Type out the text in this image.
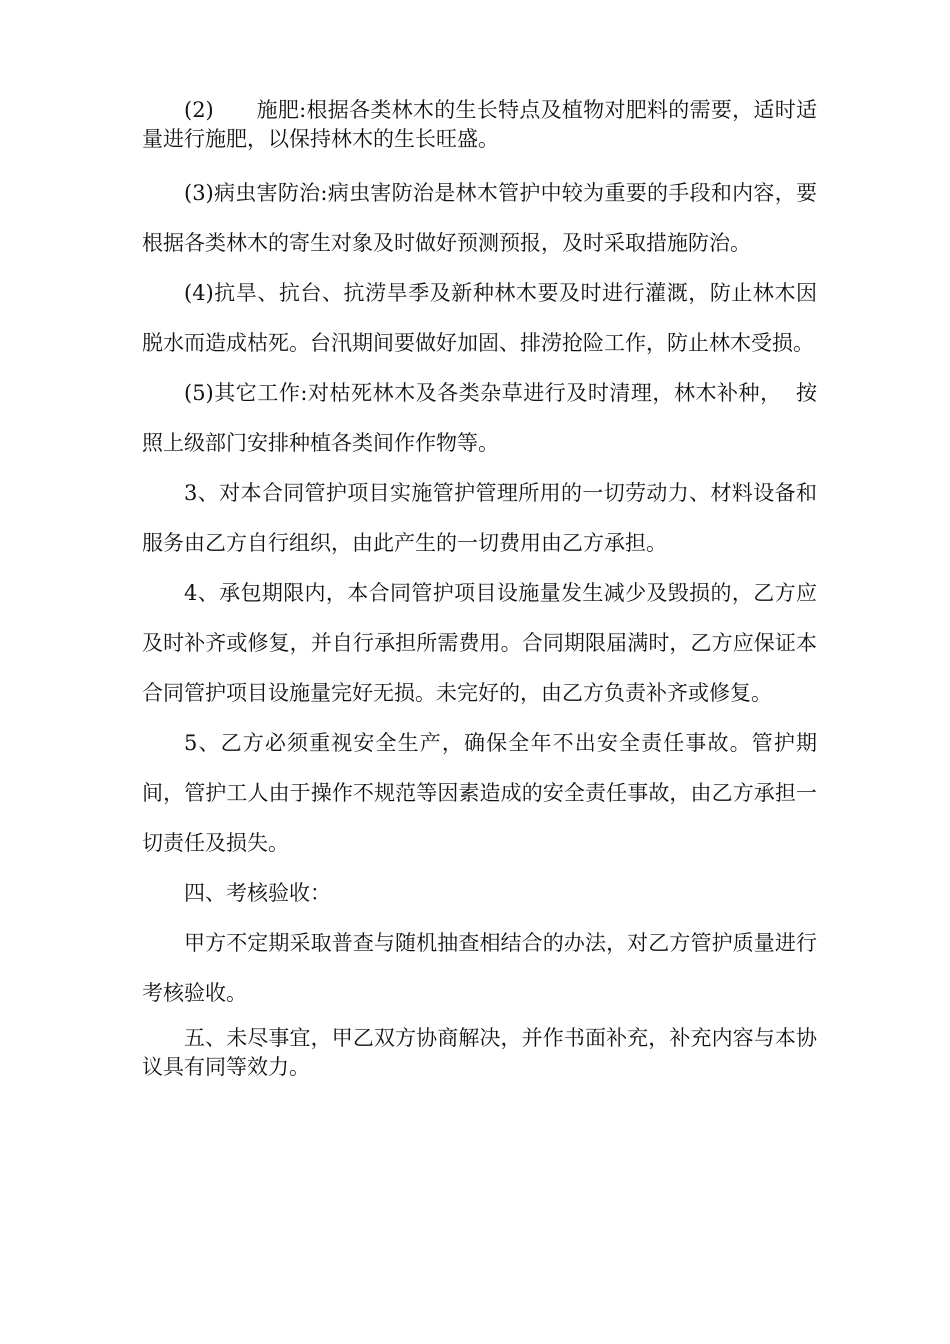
(2)　　施肥:根据各类林木的生长特点及植物对肥料的需要，适时适  量进行施肥，以保持林木的生长旺盛。

(3)病虫害防治:病虫害防治是林木管护中较为重要的手段和内容，要根据各类林木的寄生对象及时做好预测预报，及时采取措施防治。

(4)抗旱、抗台、抗涝旱季及新种林木要及时进行灌溉，防止林木因脱水而造成枯死。台汛期间要做好加固、排涝抢险工作，防止林木受损。

(5)其它工作:对枯死林木及各类杂草进行及时清理，林木补种，  按照上级部门安排种植各类间作作物等。

3、对本合同管护项目实施管护管理所用的一切劳动力、材料设备和服务由乙方自行组织，由此产生的一切费用由乙方承担。

4、承包期限内，本合同管护项目设施量发生减少及毁损的，乙方应及时补齐或修复，并自行承担所需费用。合同期限届满时，乙方应保证本合同管护项目设施量完好无损。未完好的，由乙方负责补齐或修复。

5、乙方必须重视安全生产，确保全年不出安全责任事故。管护期间，管护工人由于操作不规范等因素造成的安全责任事故，由乙方承担一切责任及损失。

四、考核验收：

甲方不定期采取普查与随机抽查相结合的办法，对乙方管护质量进行考核验收。

五、未尽事宜，甲乙双方协商解决，并作书面补充，补充内容与本协议具有同等效力。
